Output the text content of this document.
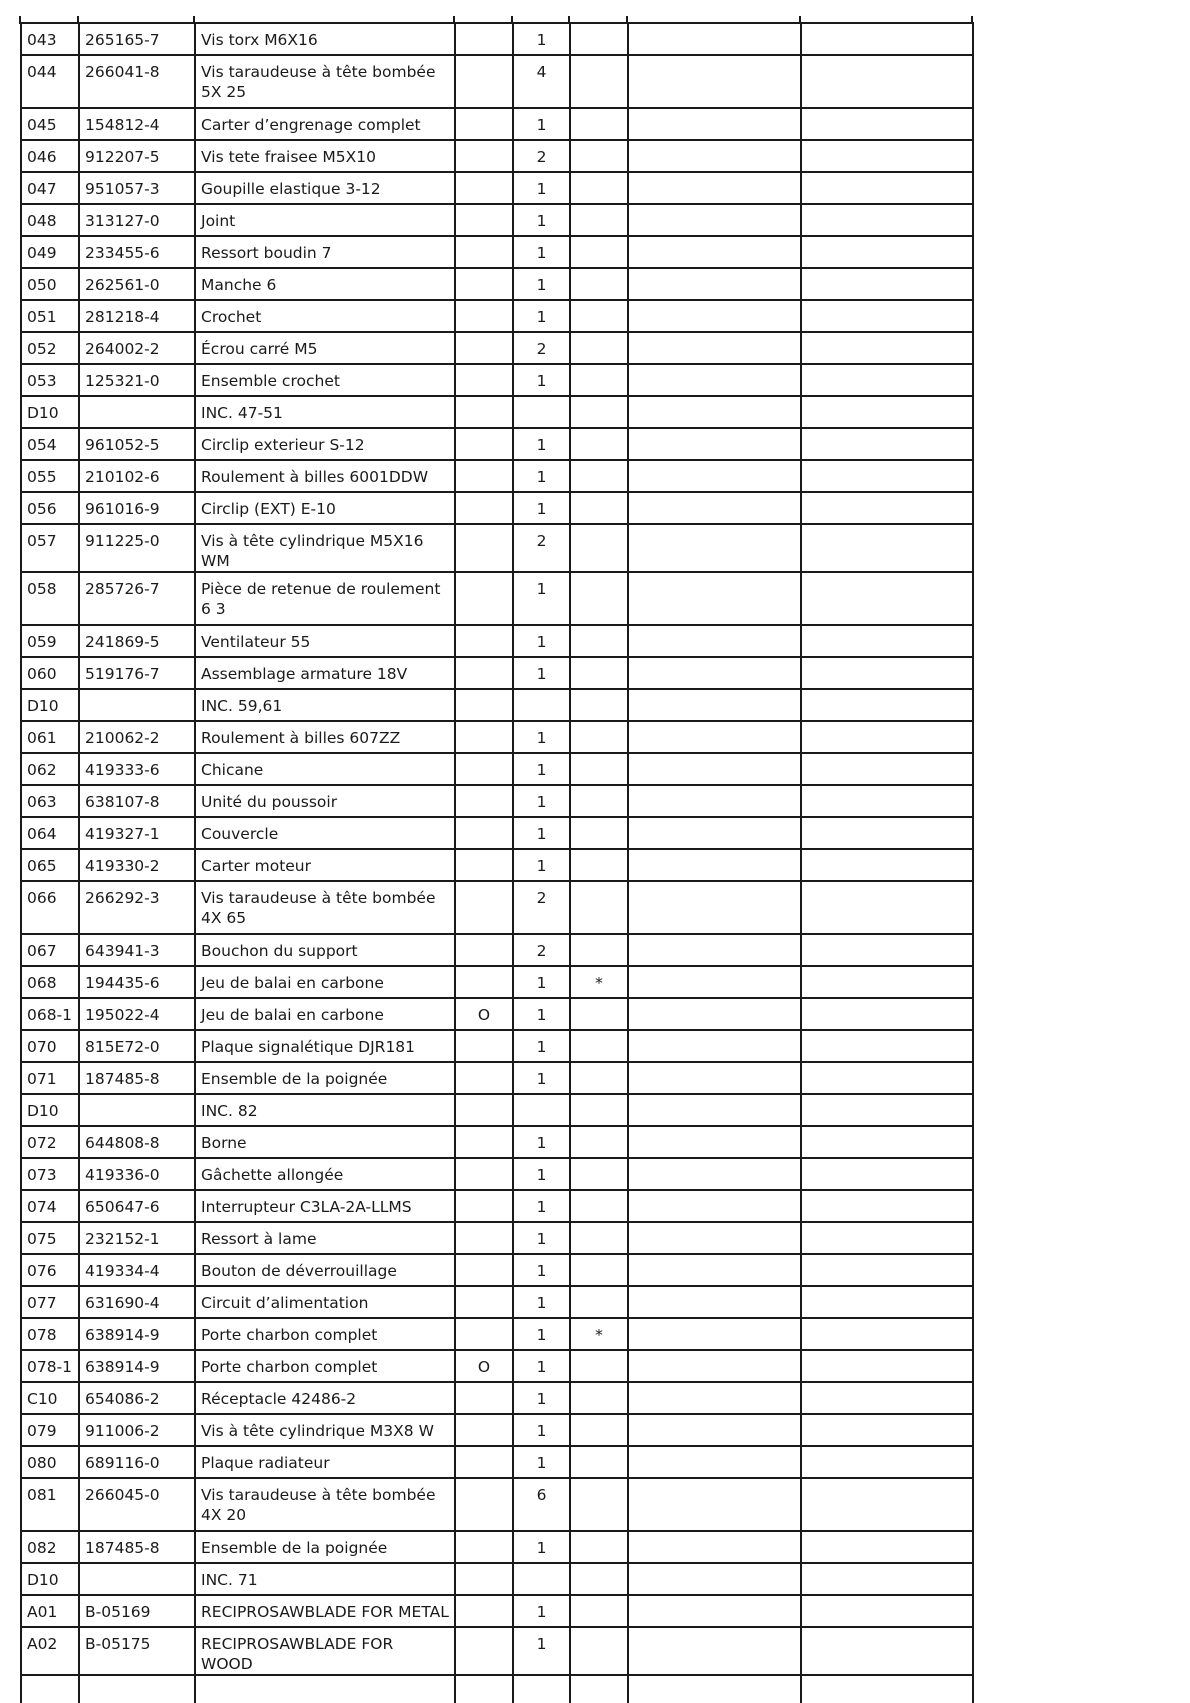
043	265165-7	Vis torx M6X16		1			
044	266041-8	Vis taraudeuse à tête bombée 5X 25		4			
045	154812-4	Carter d’engrenage complet		1			
046	912207-5	Vis tete fraisee M5X10		2			
047	951057-3	Goupille elastique 3-12		1			
048	313127-0	Joint		1			
049	233455-6	Ressort boudin 7		1			
050	262561-0	Manche 6		1			
051	281218-4	Crochet		1			
052	264002-2	Écrou carré M5		2			
053	125321-0	Ensemble crochet		1			
D10		INC. 47-51					
054	961052-5	Circlip exterieur S-12		1			
055	210102-6	Roulement à billes 6001DDW		1			
056	961016-9	Circlip (EXT) E-10		1			
057	911225-0	Vis à tête cylindrique M5X16 WM		2			
058	285726-7	Pièce de retenue de roulement 6 3		1			
059	241869-5	Ventilateur 55		1			
060	519176-7	Assemblage armature 18V		1			
D10		INC. 59,61					
061	210062-2	Roulement à billes 607ZZ		1			
062	419333-6	Chicane		1			
063	638107-8	Unité du poussoir		1			
064	419327-1	Couvercle		1			
065	419330-2	Carter moteur		1			
066	266292-3	Vis taraudeuse à tête bombée 4X 65		2			
067	643941-3	Bouchon du support		2			
068	194435-6	Jeu de balai en carbone		1	*		
068-1	195022-4	Jeu de balai en carbone	O	1			
070	815E72-0	Plaque signalétique DJR181		1			
071	187485-8	Ensemble de la poignée		1			
D10		INC. 82					
072	644808-8	Borne		1			
073	419336-0	Gâchette allongée		1			
074	650647-6	Interrupteur C3LA-2A-LLMS		1			
075	232152-1	Ressort à lame		1			
076	419334-4	Bouton de déverrouillage		1			
077	631690-4	Circuit d’alimentation		1			
078	638914-9	Porte charbon complet		1	*		
078-1	638914-9	Porte charbon complet	O	1			
C10	654086-2	Réceptacle 42486-2		1			
079	911006-2	Vis à tête cylindrique M3X8 W		1			
080	689116-0	Plaque radiateur		1			
081	266045-0	Vis taraudeuse à tête bombée 4X 20		6			
082	187485-8	Ensemble de la poignée		1			
D10		INC. 71					
A01	B-05169	RECIPROSAWBLADE FOR METAL		1			
A02	B-05175	RECIPROSAWBLADE FOR WOOD		1			
